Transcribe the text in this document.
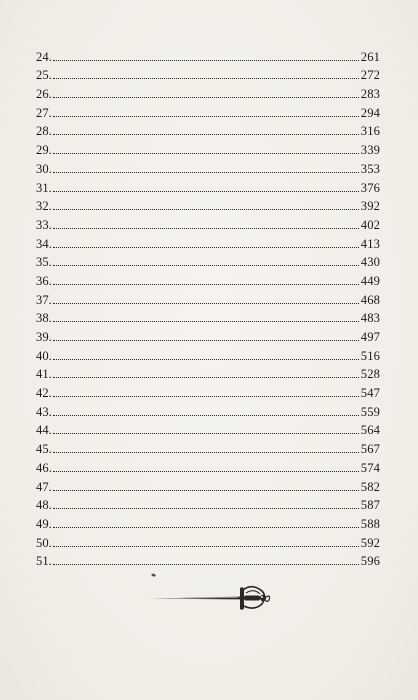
24.	261
25.	272
26.	283
27.	294
28.	316
29.	339
30.	353
31.	376
32.	392
33.	402
34.	413
35.	430
36.	449
37.	468
38.	483
39.	497
40.	516
41.	528
42.	547
43.	559
44.	564
45.	567
46.	574
47.	582
48.	587
49.	588
50.	592
51.	596
